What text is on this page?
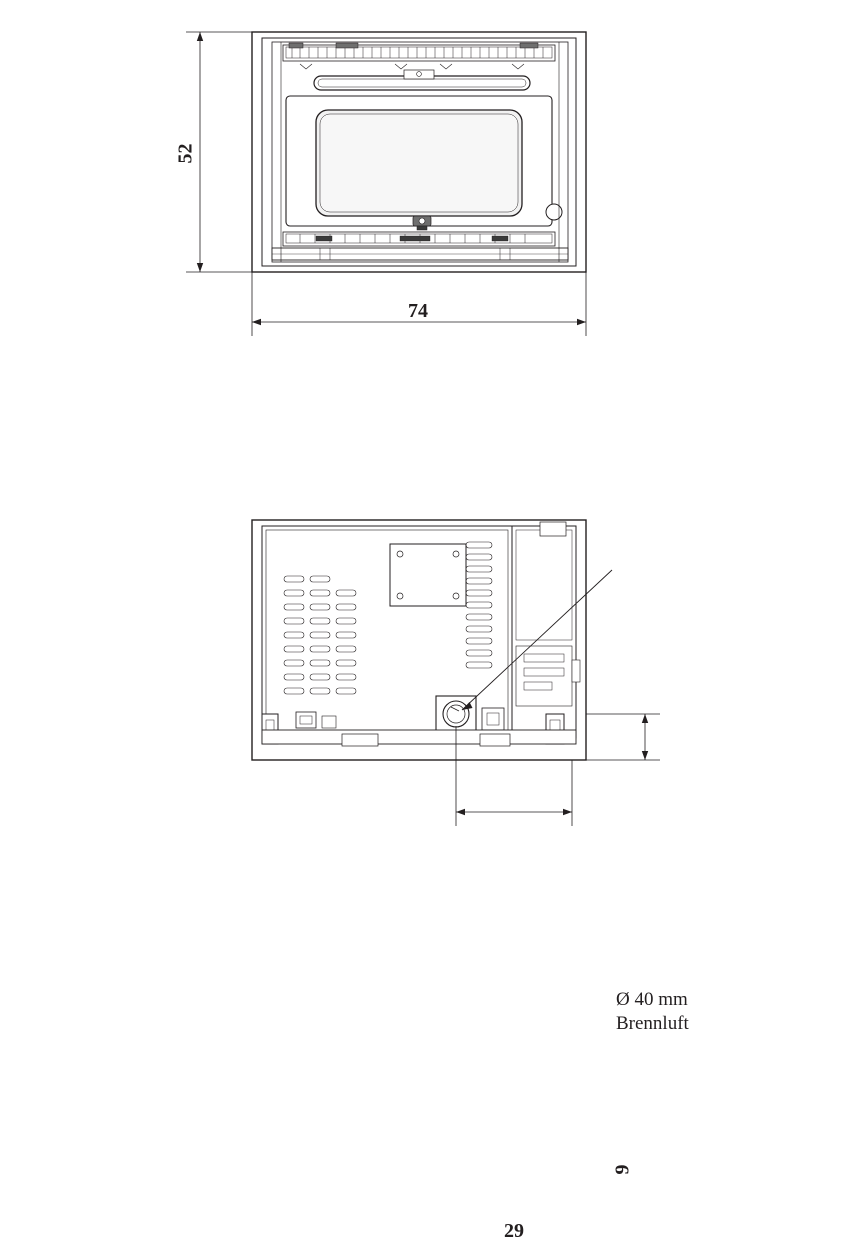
52
74
Ø 40 mm
Brennluft
9
29
